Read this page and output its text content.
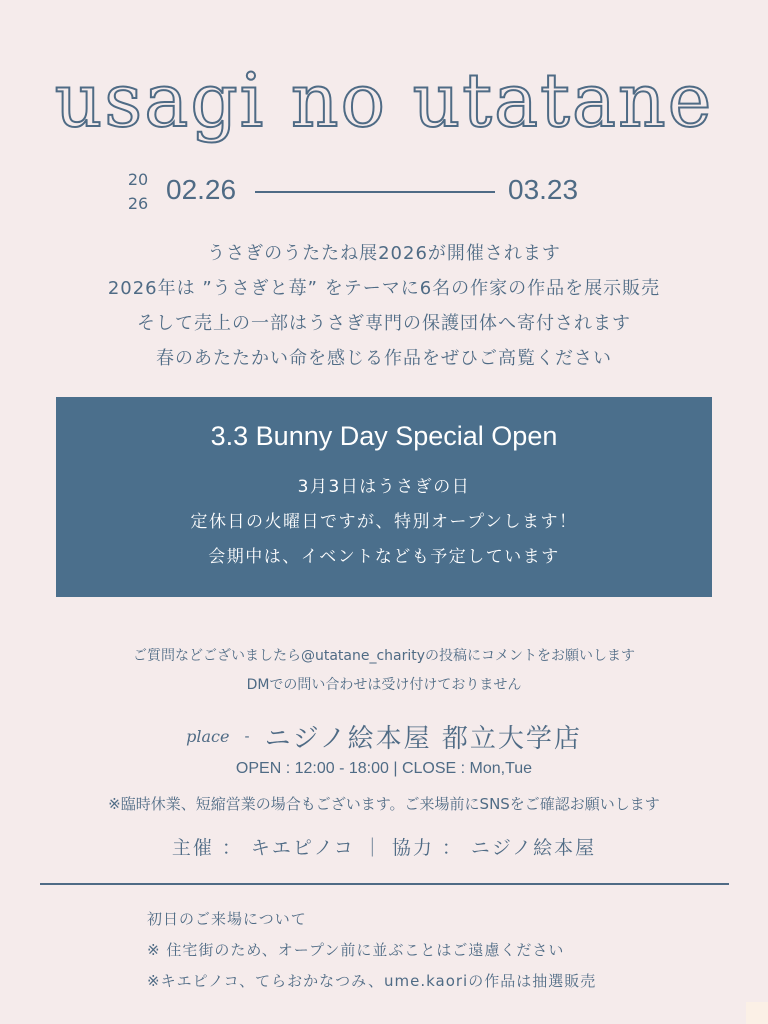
usagi no utatane
20
26 02.26	03.23
うさぎのうたたね展2026が開催されます
2026年は ”うさぎと苺” をテーマに6名の作家の作品を展示販売
そして売上の一部はうさぎ専門の保護団体へ寄付されます
春のあたたかい命を感じる作品をぜひご高覧ください
3.3 Bunny Day Special Open
3月3日はうさぎの日
定休日の火曜日ですが、特別オープンします！
会期中は、イベントなども予定しています
ご質問などございましたら@utatane_charityの投稿にコメントをお願いします
DMでの問い合わせは受け付けておりません
place - ニジノ絵本屋 都立大学店
OPEN : 12:00 - 18:00 | CLOSE : Mon,Tue
※臨時休業、短縮営業の場合もございます。ご来場前にSNSをご確認お願いします
主催 ： キエピノコ ｜ 協力 ： ニジノ絵本屋
初日のご来場について
※ 住宅街のため、オープン前に並ぶことはご遠慮ください
※キエピノコ、てらおかなつみ、ume.kaoriの作品は抽選販売
